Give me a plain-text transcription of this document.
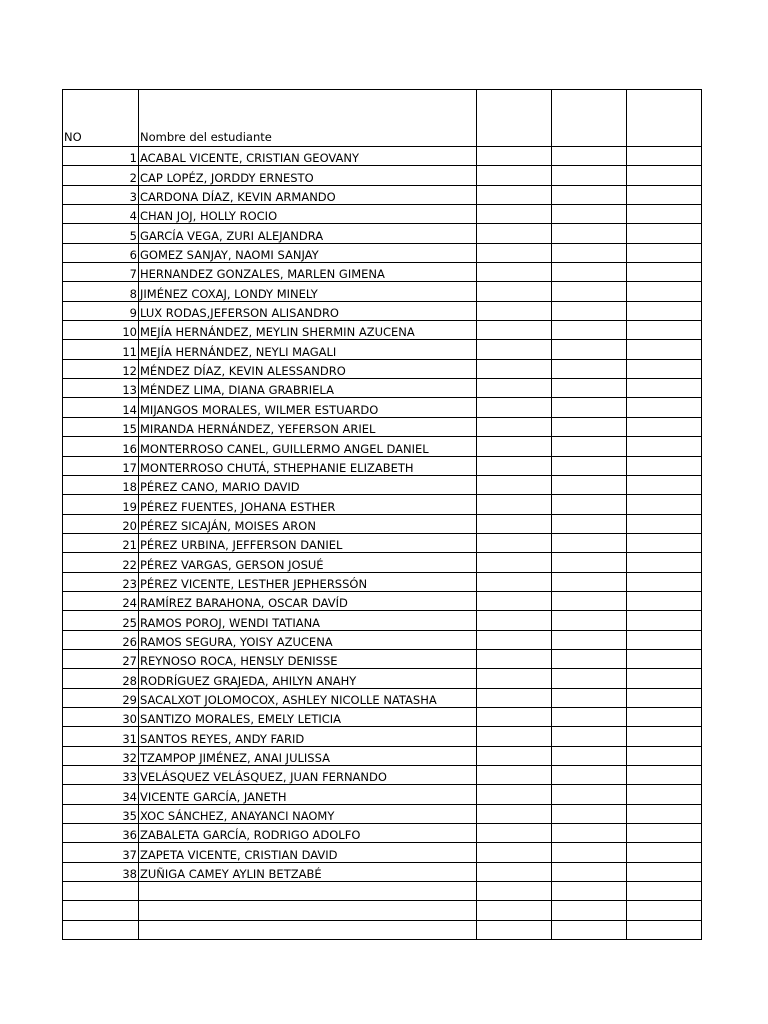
NO	Nombre del estudiante			
1	ACABAL VICENTE, CRISTIAN GEOVANY			
2	CAP LOPÉZ, JORDDY ERNESTO			
3	CARDONA DÍAZ, KEVIN ARMANDO			
4	CHAN JOJ, HOLLY ROCIO			
5	GARCÍA VEGA, ZURI ALEJANDRA			
6	GOMEZ SANJAY, NAOMI SANJAY			
7	HERNANDEZ GONZALES, MARLEN GIMENA			
8	JIMÉNEZ COXAJ, LONDY MINELY			
9	LUX RODAS,JEFERSON ALISANDRO			
10	MEJÍA HERNÁNDEZ, MEYLIN SHERMIN AZUCENA			
11	MEJÍA HERNÁNDEZ, NEYLI MAGALI			
12	MÉNDEZ DÍAZ, KEVIN ALESSANDRO			
13	MÉNDEZ LIMA, DIANA GRABRIELA			
14	MIJANGOS MORALES, WILMER ESTUARDO			
15	MIRANDA HERNÁNDEZ, YEFERSON ARIEL			
16	MONTERROSO CANEL, GUILLERMO ANGEL DANIEL			
17	MONTERROSO CHUTÁ, STHEPHANIE ELIZABETH			
18	PÉREZ CANO, MARIO DAVID			
19	PÉREZ FUENTES, JOHANA ESTHER			
20	PÉREZ SICAJÁN, MOISES ARON			
21	PÉREZ URBINA, JEFFERSON DANIEL			
22	PÉREZ VARGAS, GERSON JOSUÉ			
23	PÉREZ VICENTE, LESTHER JEPHERSSÓN			
24	RAMÍREZ BARAHONA, OSCAR DAVÍD			
25	RAMOS POROJ, WENDI TATIANA			
26	RAMOS SEGURA, YOISY AZUCENA			
27	REYNOSO ROCA, HENSLY DENISSE			
28	RODRÍGUEZ GRAJEDA, AHILYN ANAHY			
29	SACALXOT JOLOMOCOX, ASHLEY NICOLLE NATASHA			
30	SANTIZO MORALES, EMELY LETICIA			
31	SANTOS REYES, ANDY FARID			
32	TZAMPOP JIMÉNEZ, ANAI JULISSA			
33	VELÁSQUEZ VELÁSQUEZ, JUAN FERNANDO			
34	VICENTE GARCÍA, JANETH			
35	XOC SÁNCHEZ, ANAYANCI NAOMY			
36	ZABALETA GARCÍA, RODRIGO ADOLFO			
37	ZAPETA VICENTE, CRISTIAN DAVID			
38	ZUÑIGA CAMEY AYLIN BETZABÉ			
